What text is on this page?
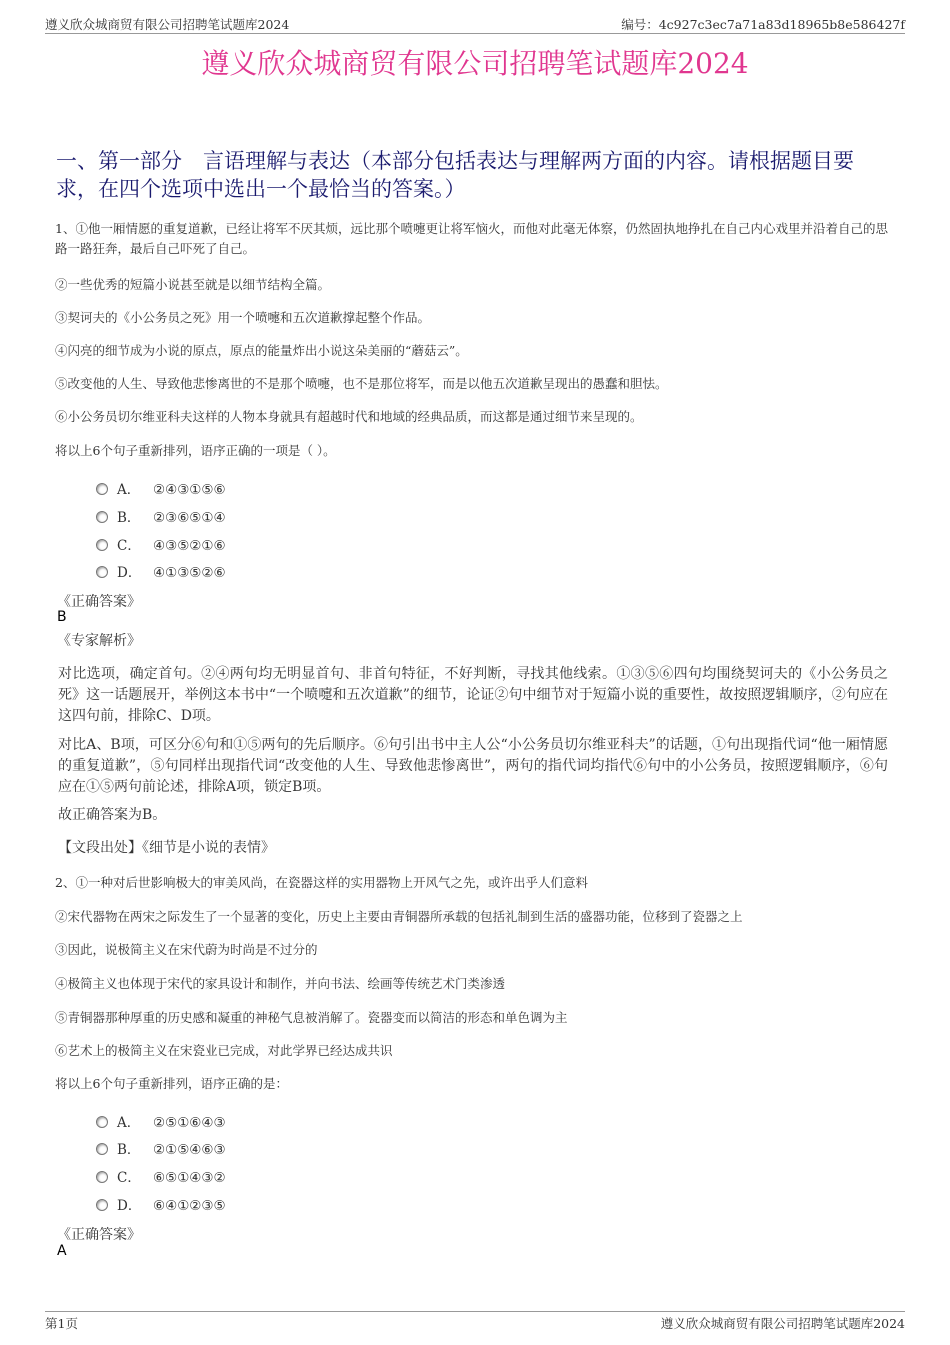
遵义欣众城商贸有限公司招聘笔试题库2024	编号：4c927c3ec7a71a83d18965b8e586427f
遵义欣众城商贸有限公司招聘笔试题库2024
一、第一部分　言语理解与表达（本部分包括表达与理解两方面的内容。请根据题目要求，在四个选项中选出一个最恰当的答案。）
1、①他一厢情愿的重复道歉，已经让将军不厌其烦，远比那个喷嚏更让将军恼火，而他对此毫无体察，仍然固执地挣扎在自己内心戏里并沿着自己的思路一路狂奔，最后自己吓死了自己。
②一些优秀的短篇小说甚至就是以细节结构全篇。
③契诃夫的《小公务员之死》用一个喷嚏和五次道歉撑起整个作品。
④闪亮的细节成为小说的原点，原点的能量炸出小说这朵美丽的“蘑菇云”。
⑤改变他的人生、导致他悲惨离世的不是那个喷嚏，也不是那位将军，而是以他五次道歉呈现出的愚蠢和胆怯。
⑥小公务员切尔维亚科夫这样的人物本身就具有超越时代和地域的经典品质，而这都是通过细节来呈现的。
将以上6个句子重新排列，语序正确的一项是（ ）。
A． ②④③①⑤⑥
B． ②③⑥⑤①④
C． ④③⑤②①⑥
D． ④①③⑤②⑥
《正确答案》
B
《专家解析》
对比选项，确定首句。②④两句均无明显首句、非首句特征，不好判断，寻找其他线索。①③⑤⑥四句均围绕契诃夫的《小公务员之死》这一话题展开，举例这本书中“一个喷嚏和五次道歉”的细节，论证②句中细节对于短篇小说的重要性，故按照逻辑顺序，②句应在这四句前，排除C、D项。
对比A、B项，可区分⑥句和①⑤两句的先后顺序。⑥句引出书中主人公“小公务员切尔维亚科夫”的话题，①句出现指代词“他一厢情愿的重复道歉”，⑤句同样出现指代词“改变他的人生、导致他悲惨离世”，两句的指代词均指代⑥句中的小公务员，按照逻辑顺序，⑥句应在①⑤两句前论述，排除A项，锁定B项。
故正确答案为B。
【文段出处】《细节是小说的表情》
2、①一种对后世影响极大的审美风尚，在瓷器这样的实用器物上开风气之先，或许出乎人们意料
②宋代器物在两宋之际发生了一个显著的变化，历史上主要由青铜器所承载的包括礼制到生活的盛器功能，位移到了瓷器之上
③因此，说极简主义在宋代蔚为时尚是不过分的
④极简主义也体现于宋代的家具设计和制作，并向书法、绘画等传统艺术门类渗透
⑤青铜器那种厚重的历史感和凝重的神秘气息被消解了。瓷器变而以简洁的形态和单色调为主
⑥艺术上的极简主义在宋瓷业已完成，对此学界已经达成共识
将以上6个句子重新排列，语序正确的是：
A． ②⑤①⑥④③
B． ②①⑤④⑥③
C． ⑥⑤①④③②
D． ⑥④①②③⑤
《正确答案》
A
第1页	遵义欣众城商贸有限公司招聘笔试题库2024
